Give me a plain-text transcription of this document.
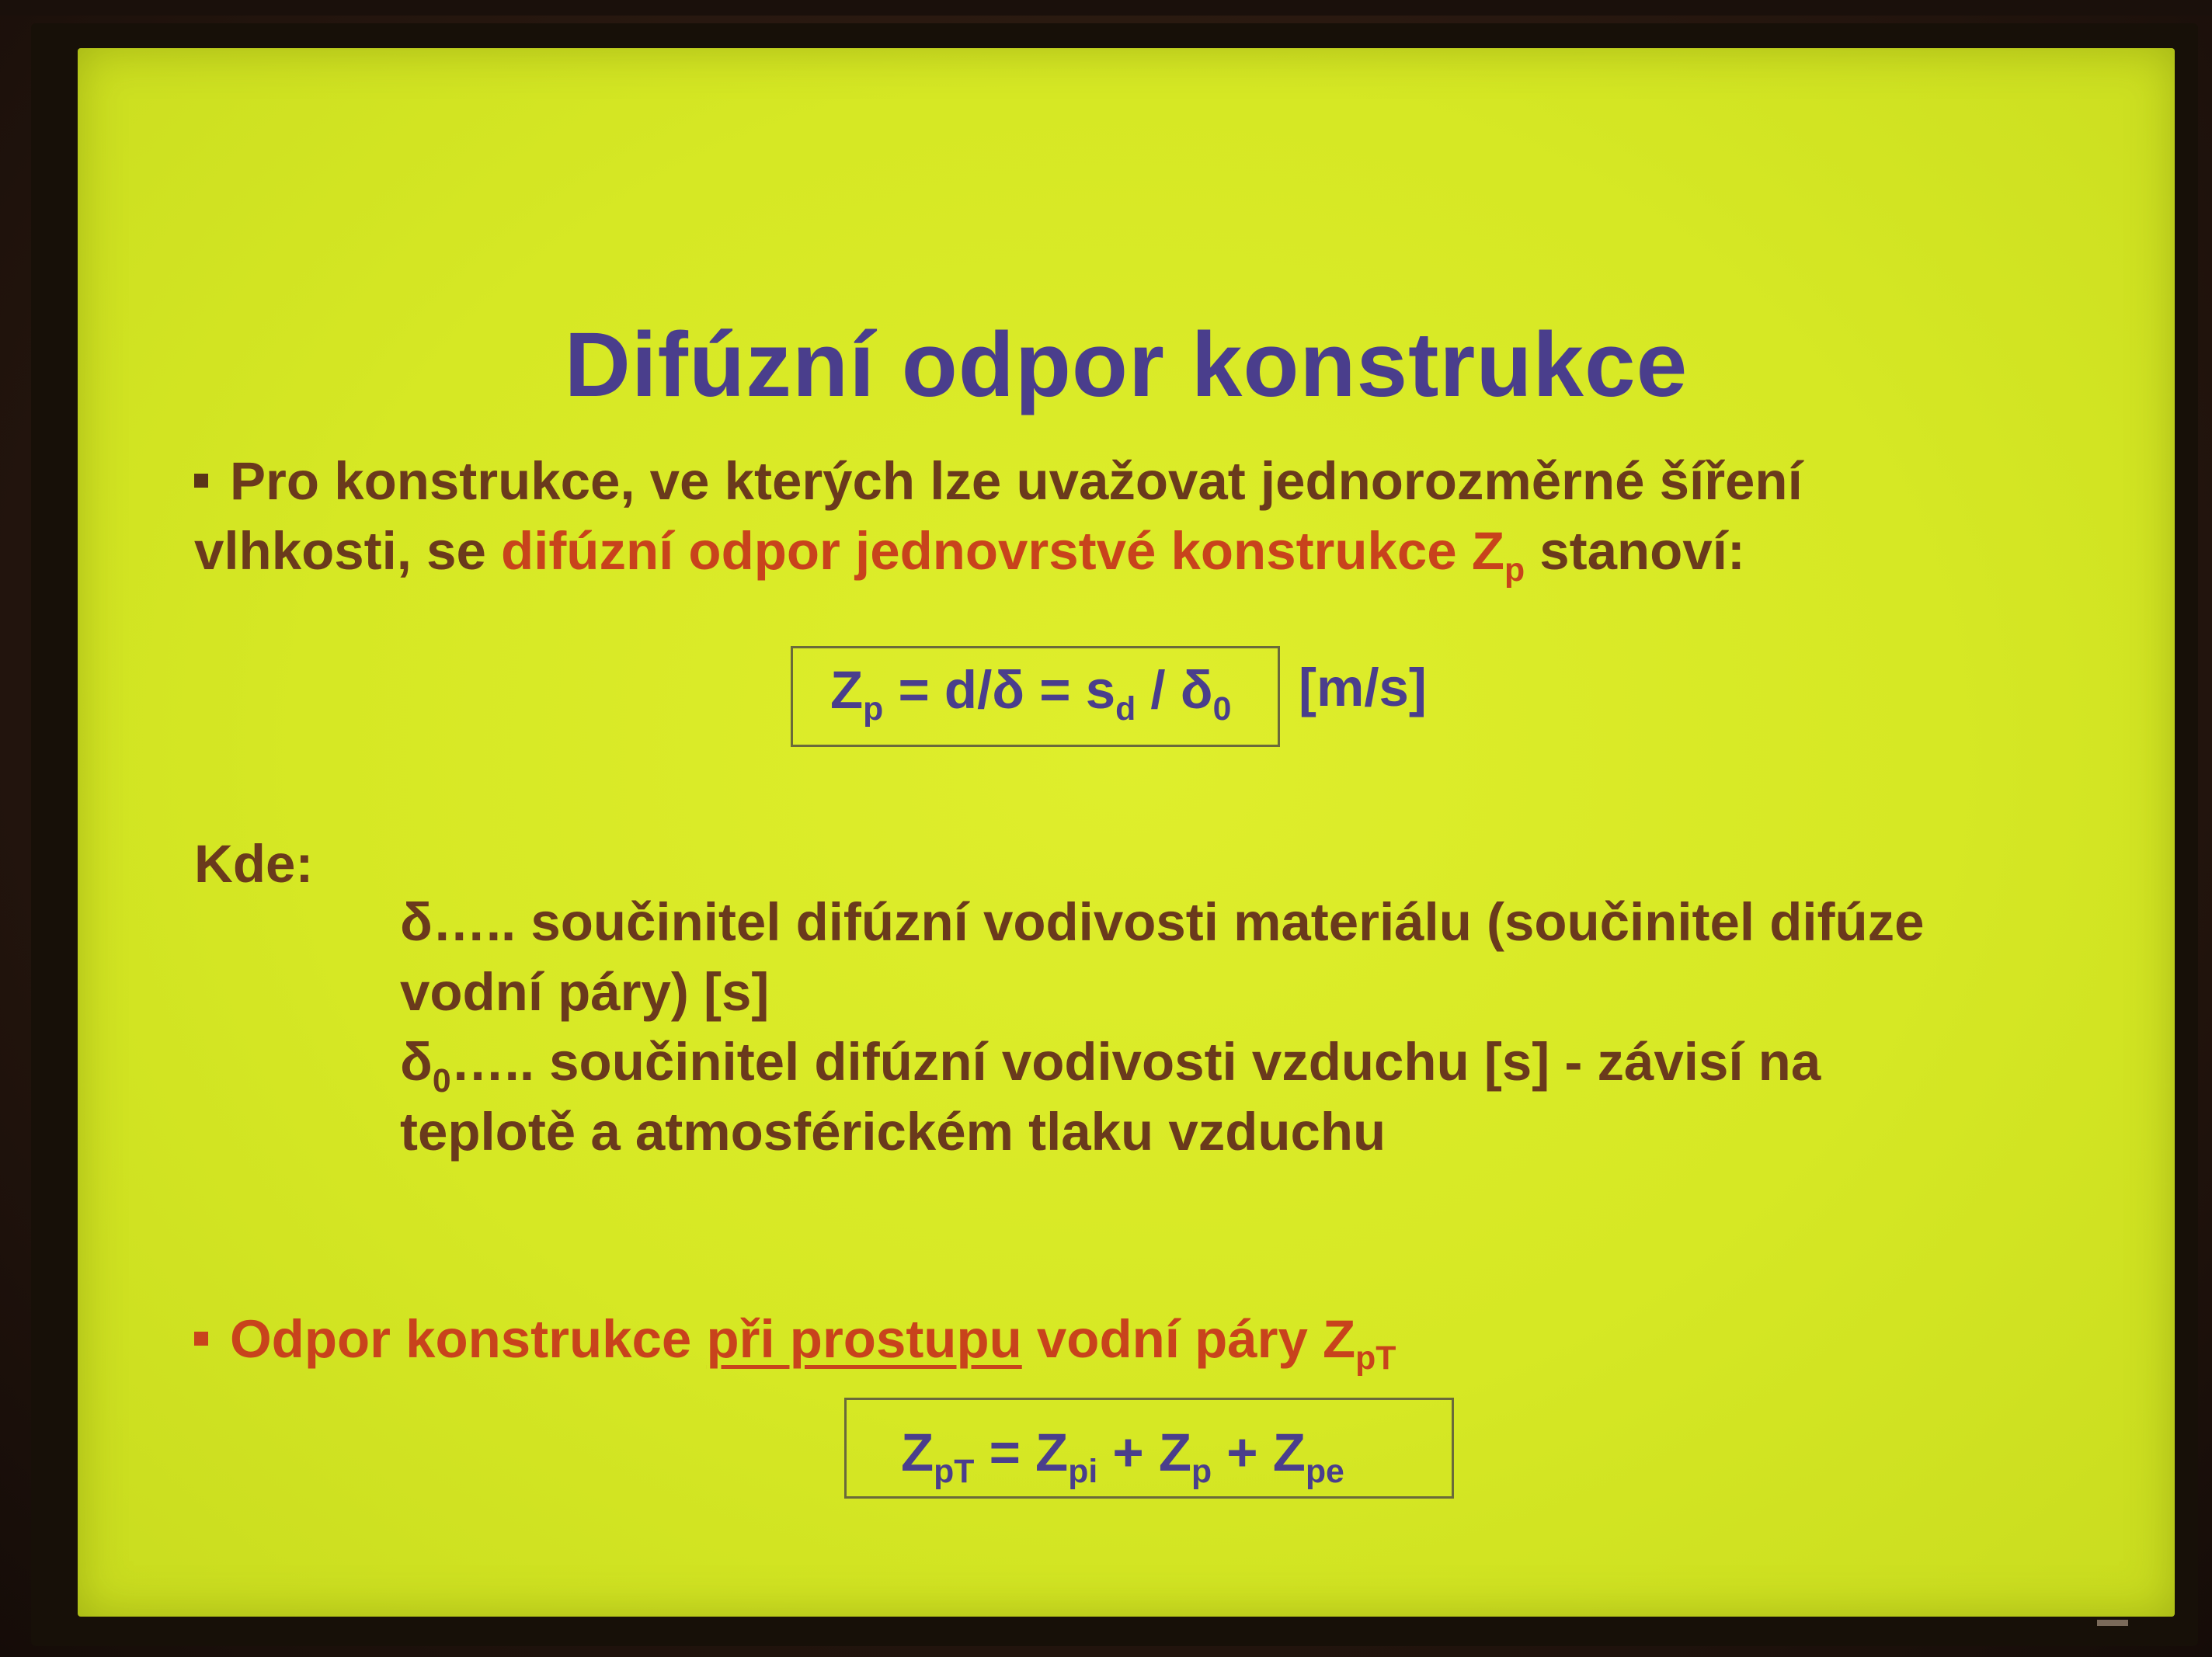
Difúzní odpor konstrukce
Pro konstrukce, ve kterých lze uvažovat jednorozměrné šíření
vlhkosti, se difúzní odpor jednovrstvé konstrukce $Z_p$ stanoví:
$Z_p = d/\delta = s_d / \delta_0$	[m/s]
Kde:
δ….. součinitel difúzní vodivosti materiálu (součinitel difúze
vodní páry) [s]
$\delta_0\dots$.. součinitel difúzní vodivosti vzduchu [s] - závisí na
teplotě a atmosférickém tlaku vzduchu
Odpor konstrukce při prostupu vodní páry $Z_{pT}$
$Z_{pT} = Z_{pi} + Z_p + Z_{pe}$
